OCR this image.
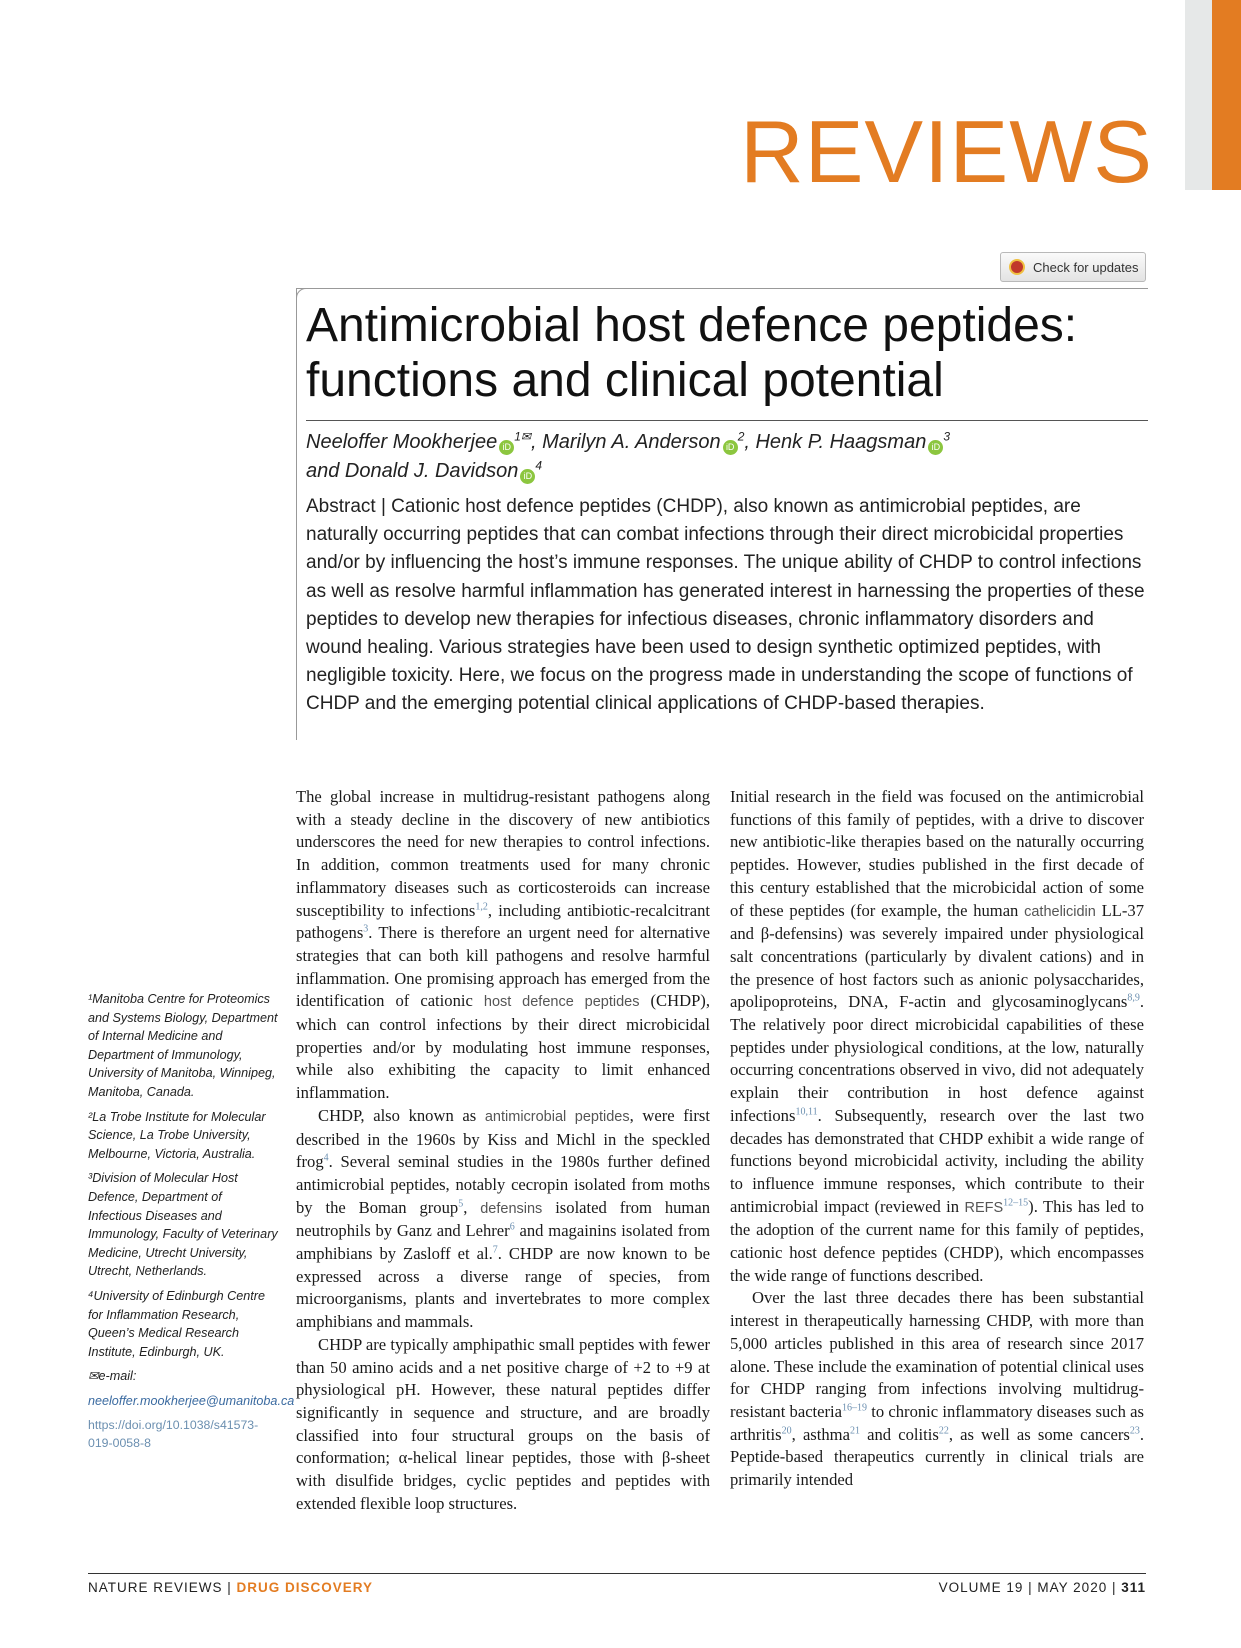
REVIEWS
Check for updates
Antimicrobial host defence peptides:
functions and clinical potential
Neeloffer Mookherjee $iD^{1✉}$, Marilyn A. Anderson $iD^2$, Henk P. Haagsman $iD^3$
and Donald J. Davidson $iD^4$
Abstract | Cationic host defence peptides (CHDP), also known as antimicrobial peptides, are naturally occurring peptides that can combat infections through their direct microbicidal properties and/or by influencing the host’s immune responses. The unique ability of CHDP to control infections as well as resolve harmful inflammation has generated interest in harnessing the properties of these peptides to develop new therapies for infectious diseases, chronic inflammatory disorders and wound healing. Various strategies have been used to design synthetic optimized peptides, with negligible toxicity. Here, we focus on the progress made in understanding the scope of functions of CHDP and the emerging potential clinical applications of CHDP-based therapies.

¹Manitoba Centre for Proteomics and Systems Biology, Department of Internal Medicine and Department of Immunology, University of Manitoba, Winnipeg, Manitoba, Canada.

²La Trobe Institute for Molecular Science, La Trobe University, Melbourne, Victoria, Australia.

³Division of Molecular Host Defence, Department of Infectious Diseases and Immunology, Faculty of Veterinary Medicine, Utrecht University, Utrecht, Netherlands.

⁴University of Edinburgh Centre for Inflammation Research, Queen’s Medical Research Institute, Edinburgh, UK.

✉e-mail:

neeloffer.mookherjee@umanitoba.ca

https://doi.org/10.1038/s41573-019-0058-8

The global increase in multidrug-resistant pathogens along with a steady decline in the discovery of new antibiotics underscores the need for new therapies to control infections. In addition, common treatments used for many chronic inflammatory diseases such as corticosteroids can increase susceptibility to infections$^{1,2}$, including antibiotic-recalcitrant pathogens$^3$. There is therefore an urgent need for alternative strategies that can both kill pathogens and resolve harmful inflammation. One promising approach has emerged from the identification of cationic host defence peptides (CHDP), which can control infections by their direct microbicidal properties and/or by modulating host immune responses, while also exhibiting the capacity to limit enhanced inflammation.

CHDP, also known as antimicrobial peptides, were first described in the 1960s by Kiss and Michl in the speckled frog$^4$. Several seminal studies in the 1980s further defined antimicrobial peptides, notably cecropin isolated from moths by the Boman group$^5$, defensins isolated from human neutrophils by Ganz and Lehrer$^6$ and magainins isolated from amphibians by Zasloff et al.$^7$. CHDP are now known to be expressed across a diverse range of species, from microorganisms, plants and invertebrates to more complex amphibians and mammals.

CHDP are typically amphipathic small peptides with fewer than 50 amino acids and a net positive charge of +2 to +9 at physiological pH. However, these natural peptides differ significantly in sequence and structure, and are broadly classified into four structural groups on the basis of conformation; α-helical linear peptides, those with β-sheet with disulfide bridges, cyclic peptides and peptides with extended flexible loop structures.

Initial research in the field was focused on the antimicrobial functions of this family of peptides, with a drive to discover new antibiotic-like therapies based on the naturally occurring peptides. However, studies published in the first decade of this century established that the microbicidal action of some of these peptides (for example, the human cathelicidin LL-37 and β-defensins) was severely impaired under physiological salt concentrations (particularly by divalent cations) and in the presence of host factors such as anionic polysaccharides, apolipoproteins, DNA, F-actin and glycosaminoglycans$^{8,9}$. The relatively poor direct microbicidal capabilities of these peptides under physiological conditions, at the low, naturally occurring concentrations observed in vivo, did not adequately explain their contribution in host defence against infections$^{10,11}$. Subsequently, research over the last two decades has demonstrated that CHDP exhibit a wide range of functions beyond microbicidal activity, including the ability to influence immune responses, which contribute to their antimicrobial impact (reviewed in REFS$^{12-15}$). This has led to the adoption of the current name for this family of peptides, cationic host defence peptides (CHDP), which encompasses the wide range of functions described.

Over the last three decades there has been substantial interest in therapeutically harnessing CHDP, with more than 5,000 articles published in this area of research since 2017 alone. These include the examination of potential clinical uses for CHDP ranging from infections involving multidrug-resistant bacteria$^{16-19}$ to chronic inflammatory diseases such as arthritis$^{20}$, asthma$^{21}$ and colitis$^{22}$, as well as some cancers$^{23}$. Peptide-based therapeutics currently in clinical trials are primarily intended

NATURE REVIEWS | DRUG DISCOVERY	VOLUME 19 | MAY 2020 | 311
